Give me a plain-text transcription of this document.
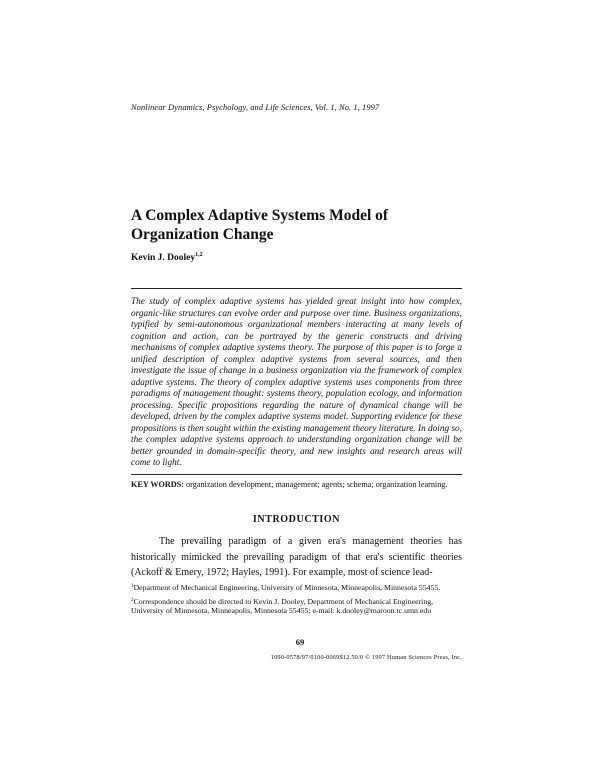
Nonlinear Dynamics, Psychology, and Life Sciences, Vol. 1, No. 1, 1997
A Complex Adaptive Systems Model of
Organization Change
Kevin J. Dooley$^{1,2}$

The study of complex adaptive systems has yielded great insight into how complex, organic-like structures can evolve order and purpose over time. Business organizations, typified by semi-autonomous organizational members interacting at many levels of cognition and action, can be portrayed by the generic constructs and driving mechanisms of complex adaptive systems theory. The purpose of this paper is to forge a unified description of complex adaptive systems from several sources, and then investigate the issue of change in a business organization via the framework of complex adaptive systems. The theory of complex adaptive systems uses components from three paradigms of management thought: systems theory, population ecology, and information processing. Specific propositions regarding the nature of dynamical change will be developed, driven by the complex adaptive systems model. Supporting evidence for these propositions is then sought within the existing management theory literature. In doing so, the complex adaptive systems approach to understanding organization change will be better grounded in domain-specific theory, and new insights and research areas will come to light.

KEY WORDS: organization development; management; agents; schema; organization learning.
INTRODUCTION

The prevailing paradigm of a given era's management theories has historically mimicked the prevailing paradigm of that era's scientific theories (Ackoff & Emery, 1972; Hayles, 1991). For example, most of science lead-

$^1$Department of Mechanical Engineering, University of Minnesota, Minneapolis, Minnesota 55455.
$^2$Correspondence should be directed to Kevin J. Dooley, Department of Mechanical Engineering, University of Minnesota, Minneapolis, Minnesota 55455; e-mail: k.dooley@maroon.tc.umn.edu
69
1090-0578/97/0100-0069$12.50/0 © 1997 Human Sciences Press, Inc.
